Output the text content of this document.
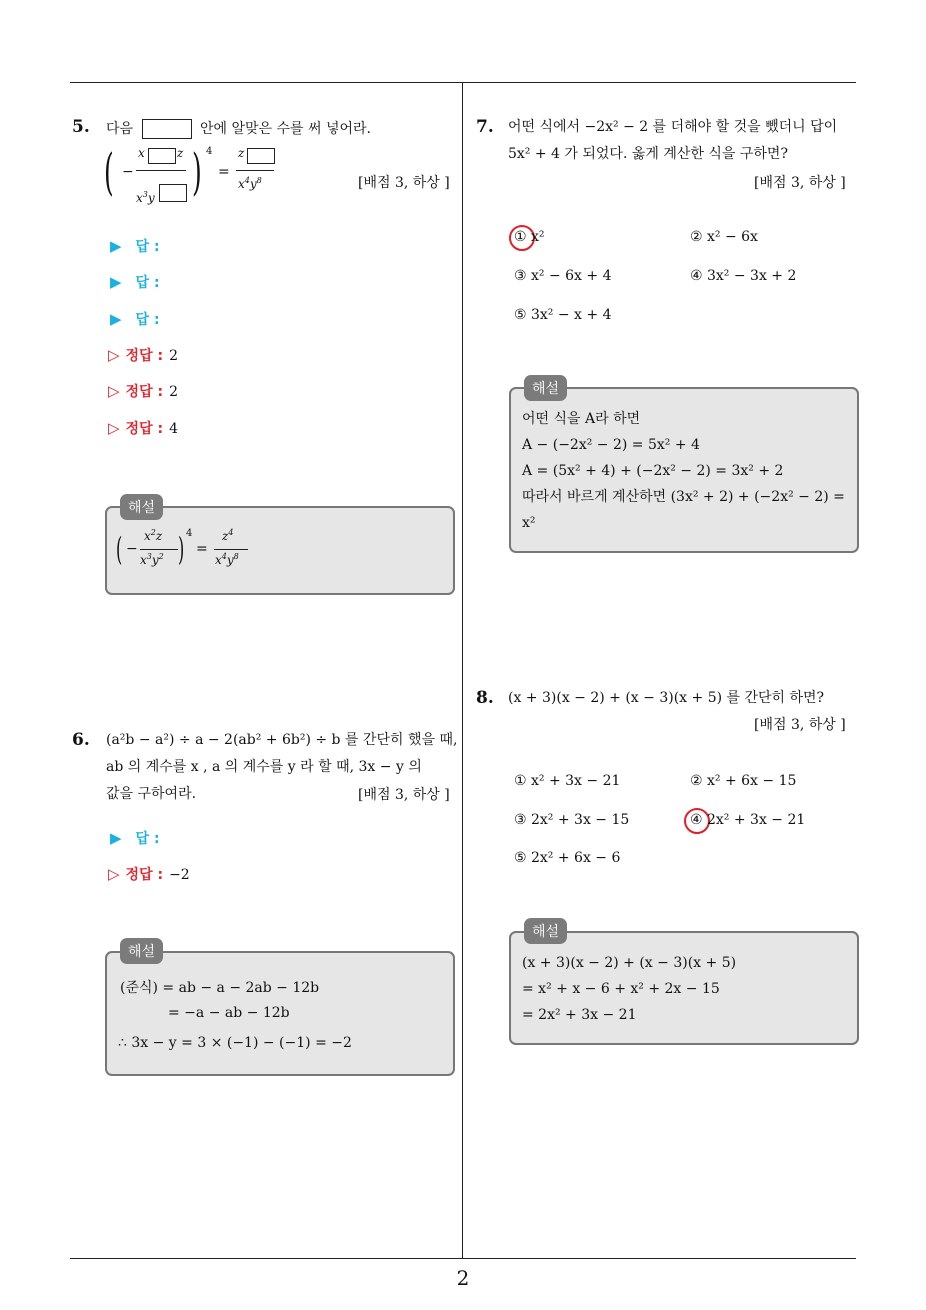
5. 다음	안에 알맞은 수를 써 넣어라.
( −
x	z
$x^3y$ ) 4
=
z
$x^4y^8$	[배점 3, 하상 ]
▶ 답 :
▶ 답 :
▶ 답 :
▷ 정답 : 2
▷ 정답 : 2
▷ 정답 : 4
해설
( −
$x^2z$
$x^3y^2$ ) 4
=
$z^4$
$x^4y^8$
6. (a²b − a²) ÷ a − 2(ab² + 6b²) ÷ b 를 간단히 했을 때,
ab 의 계수를 x , a 의 계수를 y 라 할 때, 3x − y 의
값을 구하여라.	[배점 3, 하상 ]
▶ 답 :
▷ 정답 : −2
해설
(준식) = ab − a − 2ab − 12b
= −a − ab − 12b
∴ 3x − y = 3 × (−1) − (−1) = −2
7. 어떤 식에서 −2x² − 2 를 더해야 할 것을 뺐더니 답이
5x² + 4 가 되었다. 옳게 계산한 식을 구하면?
[배점 3, 하상 ]
① x²	② x² − 6x
③ x² − 6x + 4	④ 3x² − 3x + 2
⑤ 3x² − x + 4
해설
어떤 식을 A라 하면
A − (−2x² − 2) = 5x² + 4
A = (5x² + 4) + (−2x² − 2) = 3x² + 2
따라서 바르게 계산하면 (3x² + 2) + (−2x² − 2) =
x²
8. (x + 3)(x − 2) + (x − 3)(x + 5) 를 간단히 하면?
[배점 3, 하상 ]
① x² + 3x − 21	② x² + 6x − 15
③ 2x² + 3x − 15	④ 2x² + 3x − 21
⑤ 2x² + 6x − 6
해설
(x + 3)(x − 2) + (x − 3)(x + 5)
= x² + x − 6 + x² + 2x − 15
= 2x² + 3x − 21
2
